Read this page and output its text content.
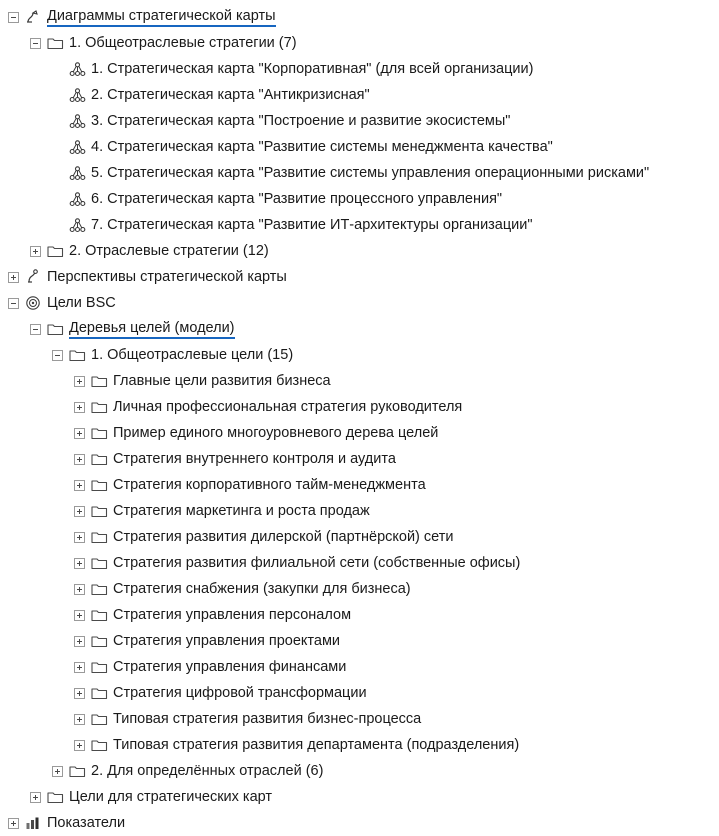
Диаграммы стратегической карты
1. Общеотраслевые стратегии (7)
1. Стратегическая карта "Корпоративная" (для всей организации)
2. Стратегическая карта "Антикризисная"
3. Стратегическая карта "Построение и развитие экосистемы"
4. Стратегическая карта "Развитие системы менеджмента качества"
5. Стратегическая карта "Развитие системы управления операционными рисками"
6. Стратегическая карта "Развитие процессного управления"
7. Стратегическая карта "Развитие ИТ-архитектуры организации"
2. Отраслевые стратегии (12)
Перспективы стратегической карты
Цели BSC
Деревья целей (модели)
1. Общеотраслевые цели (15)
Главные цели развития бизнеса
Личная профессиональная стратегия руководителя
Пример единого многоуровневого дерева целей
Стратегия внутреннего контроля и аудита
Стратегия корпоративного тайм-менеджмента
Стратегия маркетинга и роста продаж
Стратегия развития дилерской (партнёрской) сети
Стратегия развития филиальной сети (собственные офисы)
Стратегия снабжения (закупки для бизнеса)
Стратегия управления персоналом
Стратегия управления проектами
Стратегия управления финансами
Стратегия цифровой трансформации
Типовая стратегия развития бизнес-процесса
Типовая стратегия развития департамента (подразделения)
2. Для определённых отраслей (6)
Цели для стратегических карт
Показатели
